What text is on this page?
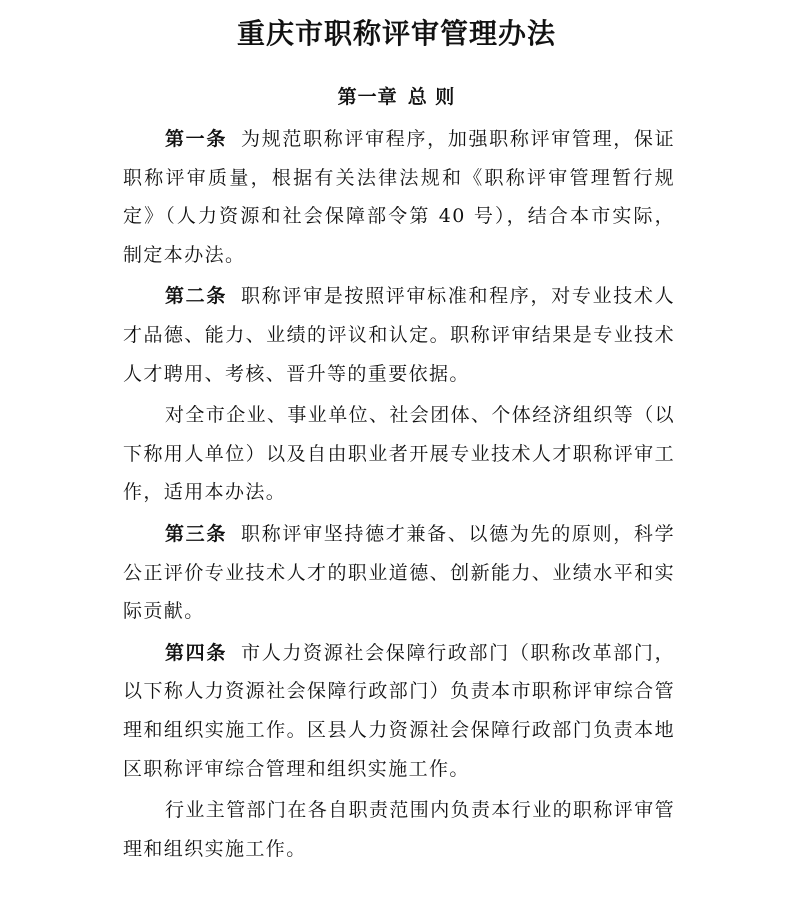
重庆市职称评审管理办法
第一章 总 则

第一条 为规范职称评审程序，加强职称评审管理，保证职称评审质量，根据有关法律法规和《职称评审管理暂行规定》（人力资源和社会保障部令第 40 号），结合本市实际，制定本办法。

第二条 职称评审是按照评审标准和程序，对专业技术人才品德、能力、业绩的评议和认定。职称评审结果是专业技术人才聘用、考核、晋升等的重要依据。

对全市企业、事业单位、社会团体、个体经济组织等（以下称用人单位）以及自由职业者开展专业技术人才职称评审工作，适用本办法。

第三条 职称评审坚持德才兼备、以德为先的原则，科学公正评价专业技术人才的职业道德、创新能力、业绩水平和实际贡献。

第四条 市人力资源社会保障行政部门（职称改革部门，以下称人力资源社会保障行政部门）负责本市职称评审综合管理和组织实施工作。区县人力资源社会保障行政部门负责本地区职称评审综合管理和组织实施工作。

行业主管部门在各自职责范围内负责本行业的职称评审管理和组织实施工作。
